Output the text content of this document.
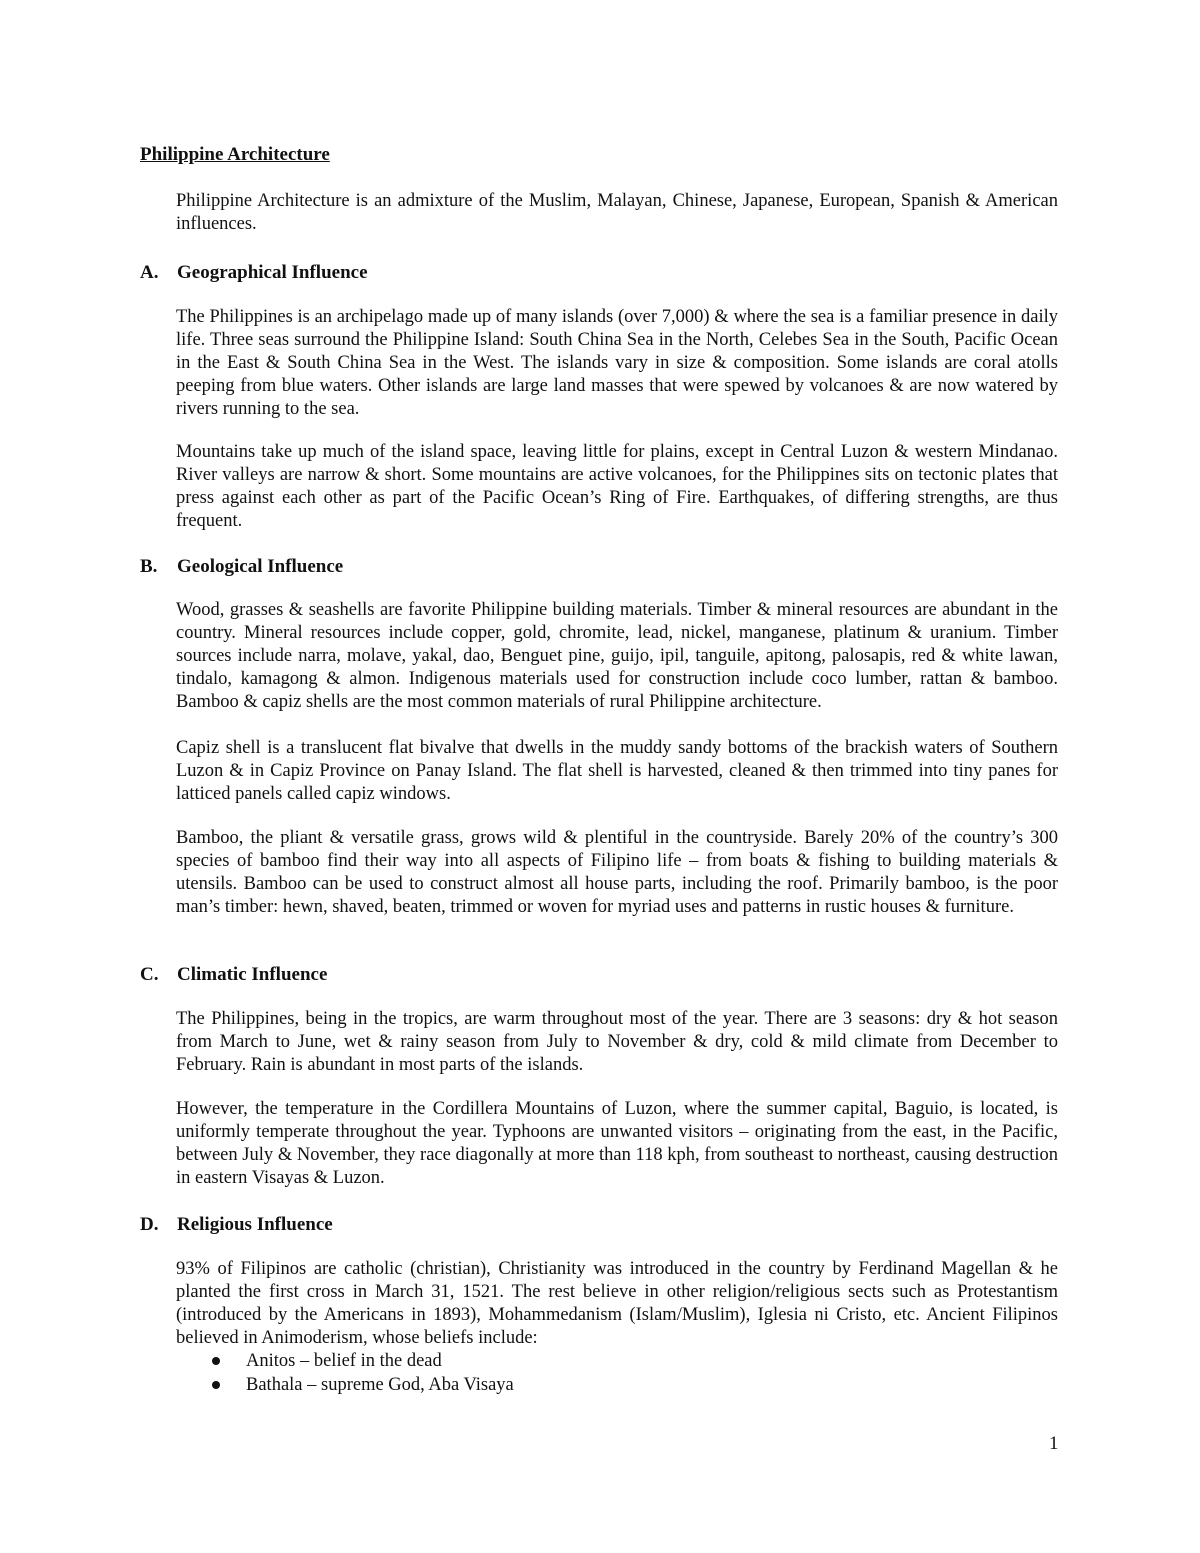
Philippine Architecture

Philippine Architecture is an admixture of the Muslim, Malayan, Chinese, Japanese, European, Spanish & American influences.

A. Geographical Influence

The Philippines is an archipelago made up of many islands (over 7,000) & where the sea is a familiar presence in daily life. Three seas surround the Philippine Island: South China Sea in the North, Celebes Sea in the South, Pacific Ocean in the East & South China Sea in the West. The islands vary in size & composition. Some islands are coral atolls peeping from blue waters. Other islands are large land masses that were spewed by volcanoes & are now watered by rivers running to the sea.

Mountains take up much of the island space, leaving little for plains, except in Central Luzon & western Mindanao. River valleys are narrow & short. Some mountains are active volcanoes, for the Philippines sits on tectonic plates that press against each other as part of the Pacific Ocean’s Ring of Fire. Earthquakes, of differing strengths, are thus frequent.

B. Geological Influence

Wood, grasses & seashells are favorite Philippine building materials. Timber & mineral resources are abundant in the country. Mineral resources include copper, gold, chromite, lead, nickel, manganese, platinum & uranium. Timber sources include narra, molave, yakal, dao, Benguet pine, guijo, ipil, tanguile, apitong, palosapis, red & white lawan, tindalo, kamagong & almon. Indigenous materials used for construction include coco lumber, rattan & bamboo. Bamboo & capiz shells are the most common materials of rural Philippine architecture.

Capiz shell is a translucent flat bivalve that dwells in the muddy sandy bottoms of the brackish waters of Southern Luzon & in Capiz Province on Panay Island. The flat shell is harvested, cleaned & then trimmed into tiny panes for latticed panels called capiz windows.

Bamboo, the pliant & versatile grass, grows wild & plentiful in the countryside. Barely 20% of the country’s 300 species of bamboo find their way into all aspects of Filipino life – from boats & fishing to building materials & utensils. Bamboo can be used to construct almost all house parts, including the roof. Primarily bamboo, is the poor man’s timber: hewn, shaved, beaten, trimmed or woven for myriad uses and patterns in rustic houses & furniture.

C. Climatic Influence

The Philippines, being in the tropics, are warm throughout most of the year. There are 3 seasons: dry & hot season from March to June, wet & rainy season from July to November & dry, cold & mild climate from December to February. Rain is abundant in most parts of the islands.

However, the temperature in the Cordillera Mountains of Luzon, where the summer capital, Baguio, is located, is uniformly temperate throughout the year. Typhoons are unwanted visitors – originating from the east, in the Pacific, between July & November, they race diagonally at more than 118 kph, from southeast to northeast, causing destruction in eastern Visayas & Luzon.

D. Religious Influence

93% of Filipinos are catholic (christian), Christianity was introduced in the country by Ferdinand Magellan & he planted the first cross in March 31, 1521. The rest believe in other religion/religious sects such as Protestantism (introduced by the Americans in 1893), Mohammedanism (Islam/Muslim), Iglesia ni Cristo, etc. Ancient Filipinos believed in Animoderism, whose beliefs include:

Anitos – belief in the dead
Bathala – supreme God, Aba Visaya
1
